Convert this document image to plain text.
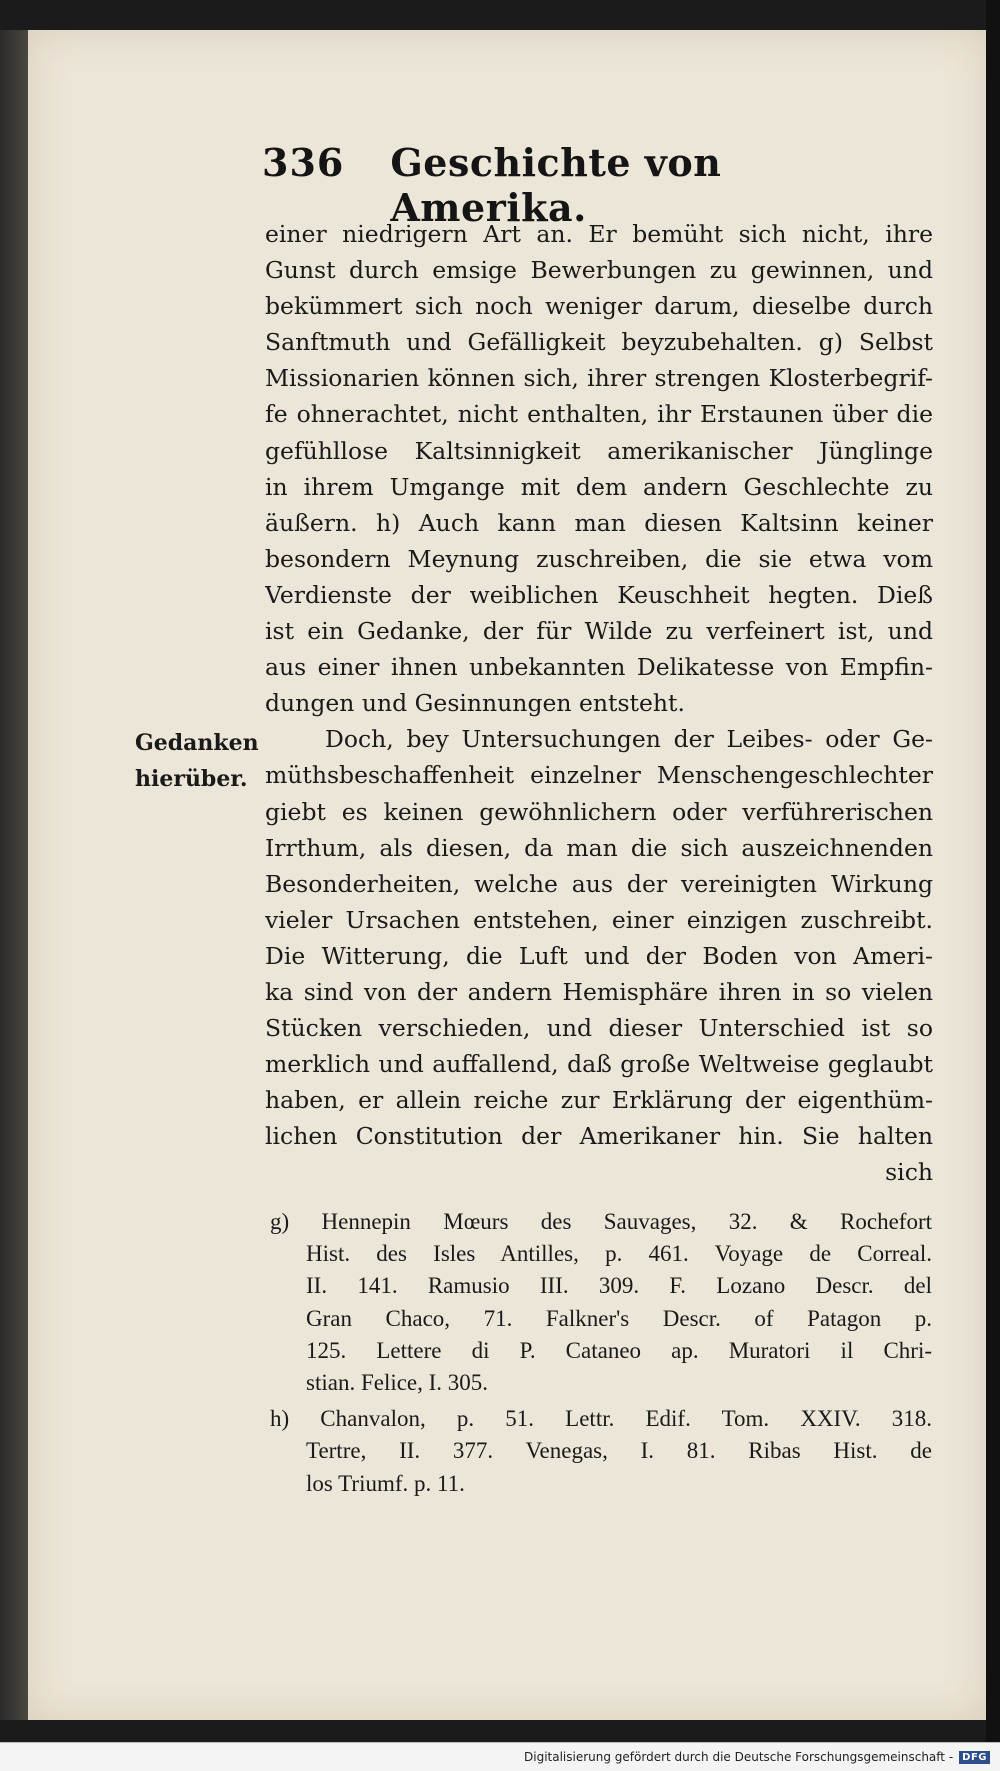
336 Geschichte von Amerika.
einer niedrigern Art an. Er bemüht sich nicht, ihre
Gunst durch emsige Bewerbungen zu gewinnen, und
bekümmert sich noch weniger darum, dieselbe durch
Sanftmuth und Gefälligkeit beyzubehalten. g) Selbst
Missionarien können sich, ihrer strengen Klosterbegrif-
fe ohnerachtet, nicht enthalten, ihr Erstaunen über die
gefühllose Kaltsinnigkeit amerikanischer Jünglinge
in ihrem Umgange mit dem andern Geschlechte zu
äußern. h) Auch kann man diesen Kaltsinn keiner
besondern Meynung zuschreiben, die sie etwa vom
Verdienste der weiblichen Keuschheit hegten. Dieß
ist ein Gedanke, der für Wilde zu verfeinert ist, und
aus einer ihnen unbekannten Delikatesse von Empfin-
dungen und Gesinnungen entsteht.
Doch, bey Untersuchungen der Leibes- oder Ge-
müthsbeschaffenheit einzelner Menschengeschlechter
giebt es keinen gewöhnlichern oder verführerischen
Irrthum, als diesen, da man die sich auszeichnenden
Besonderheiten, welche aus der vereinigten Wirkung
vieler Ursachen entstehen, einer einzigen zuschreibt.
Die Witterung, die Luft und der Boden von Ameri-
ka sind von der andern Hemisphäre ihren in so vielen
Stücken verschieden, und dieser Unterschied ist so
merklich und auffallend, daß große Weltweise geglaubt
haben, er allein reiche zur Erklärung der eigenthüm-
lichen Constitution der Amerikaner hin. Sie halten
sich
Gedanken
hierüber.
g) Hennepin Mœurs des Sauvages, 32. & Rochefort
Hist. des Isles Antilles, p. 461. Voyage de Correal.
II. 141. Ramusio III. 309. F. Lozano Descr. del
Gran Chaco, 71. Falkner's Descr. of Patagon p.
125. Lettere di P. Cataneo ap. Muratori il Chri-
stian. Felice, I. 305.
h) Chanvalon, p. 51. Lettr. Edif. Tom. XXIV. 318.
Tertre, II. 377. Venegas, I. 81. Ribas Hist. de
los Triumf. p. 11.
Digitalisierung gefördert durch die Deutsche Forschungsgemeinschaft - DFG
